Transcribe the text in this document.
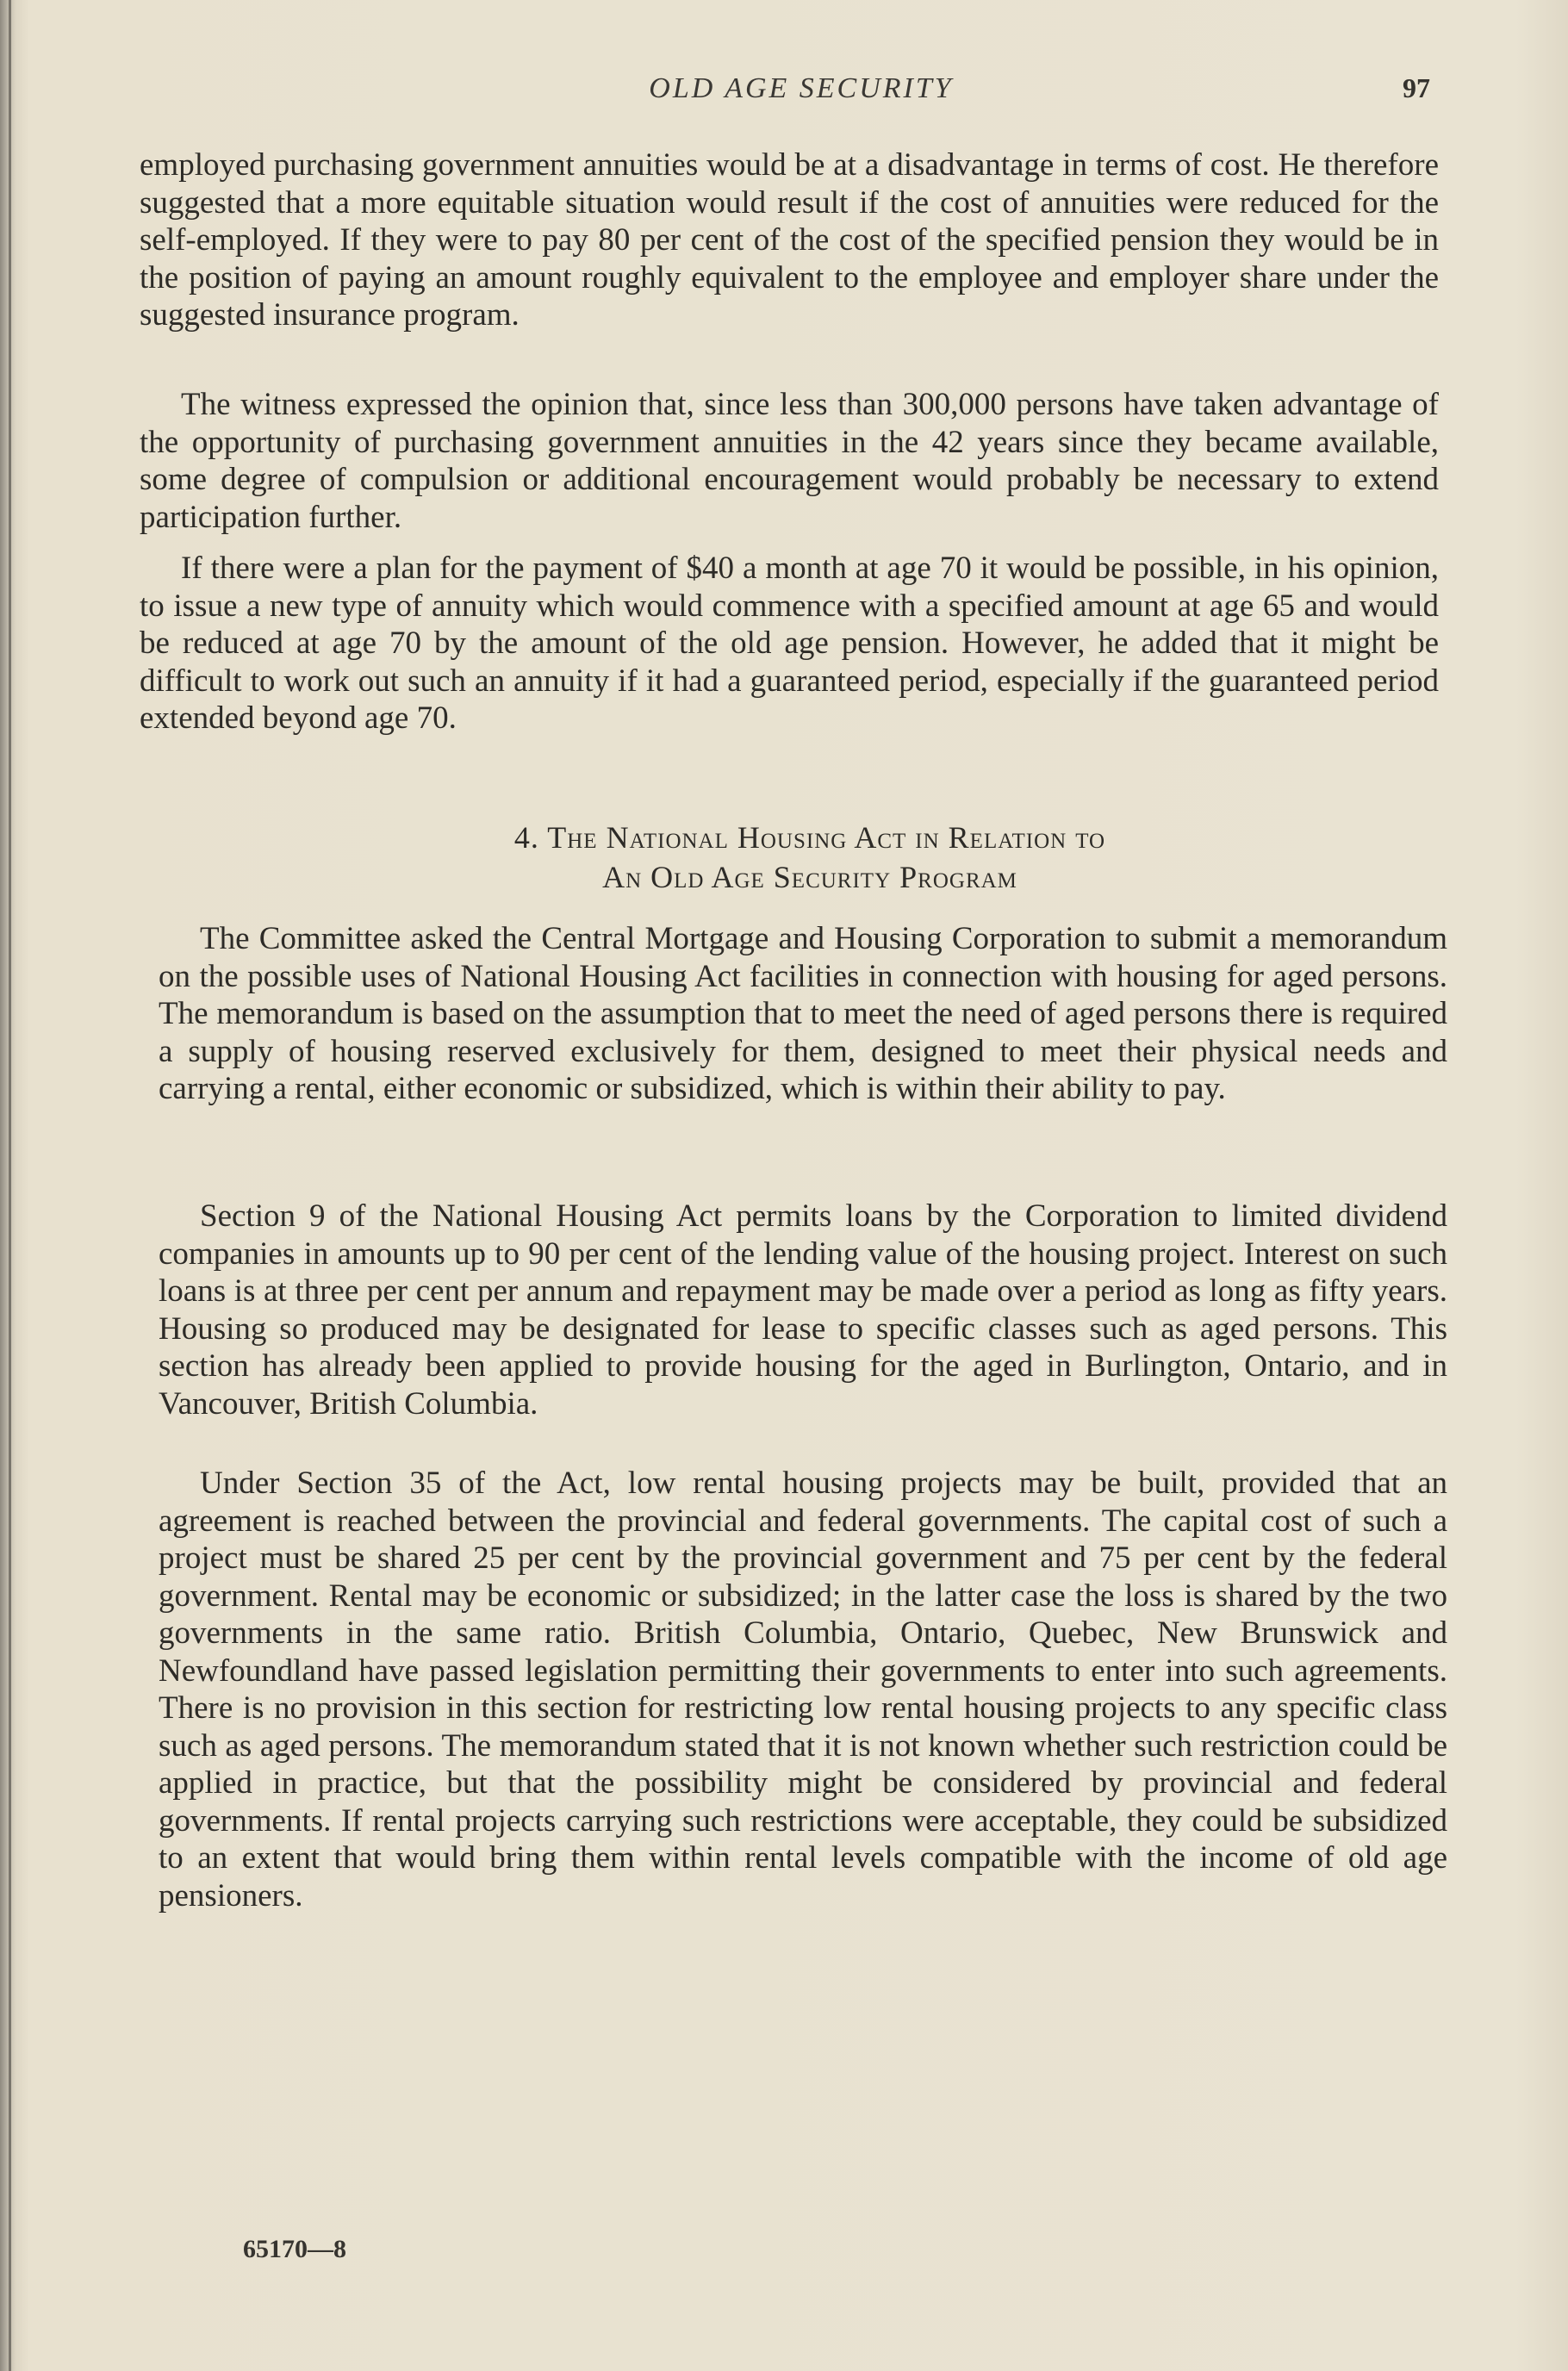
OLD AGE SECURITY	97

employed purchasing government annuities would be at a disadvantage in terms of cost. He therefore suggested that a more equitable situation would result if the cost of annuities were reduced for the self-employed. If they were to pay 80 per cent of the cost of the specified pension they would be in the position of paying an amount roughly equivalent to the employee and employer share under the suggested insurance program.

The witness expressed the opinion that, since less than 300,000 persons have taken advantage of the opportunity of purchasing government annuities in the 42 years since they became available, some degree of compulsion or additional encouragement would probably be necessary to extend participation further.

If there were a plan for the payment of $40 a month at age 70 it would be possible, in his opinion, to issue a new type of annuity which would commence with a specified amount at age 65 and would be reduced at age 70 by the amount of the old age pension. However, he added that it might be difficult to work out such an annuity if it had a guaranteed period, especially if the guaranteed period extended beyond age 70.

4. The National Housing Act in Relation to
An Old Age Security Program

The Committee asked the Central Mortgage and Housing Corporation to submit a memorandum on the possible uses of National Housing Act facilities in connection with housing for aged persons. The memorandum is based on the assumption that to meet the need of aged persons there is required a supply of housing reserved exclusively for them, designed to meet their physical needs and carrying a rental, either economic or subsidized, which is within their ability to pay.

Section 9 of the National Housing Act permits loans by the Corporation to limited dividend companies in amounts up to 90 per cent of the lending value of the housing project. Interest on such loans is at three per cent per annum and repayment may be made over a period as long as fifty years. Housing so produced may be designated for lease to specific classes such as aged persons. This section has already been applied to provide housing for the aged in Burlington, Ontario, and in Vancouver, British Columbia.

Under Section 35 of the Act, low rental housing projects may be built, provided that an agreement is reached between the provincial and federal governments. The capital cost of such a project must be shared 25 per cent by the provincial government and 75 per cent by the federal government. Rental may be economic or subsidized; in the latter case the loss is shared by the two governments in the same ratio. British Columbia, Ontario, Quebec, New Brunswick and Newfoundland have passed legislation permitting their governments to enter into such agreements. There is no provision in this section for restricting low rental housing projects to any specific class such as aged persons. The memorandum stated that it is not known whether such restriction could be applied in practice, but that the possibility might be considered by provincial and federal governments. If rental projects carrying such restrictions were acceptable, they could be subsidized to an extent that would bring them within rental levels compatible with the income of old age pensioners.

65170—8
